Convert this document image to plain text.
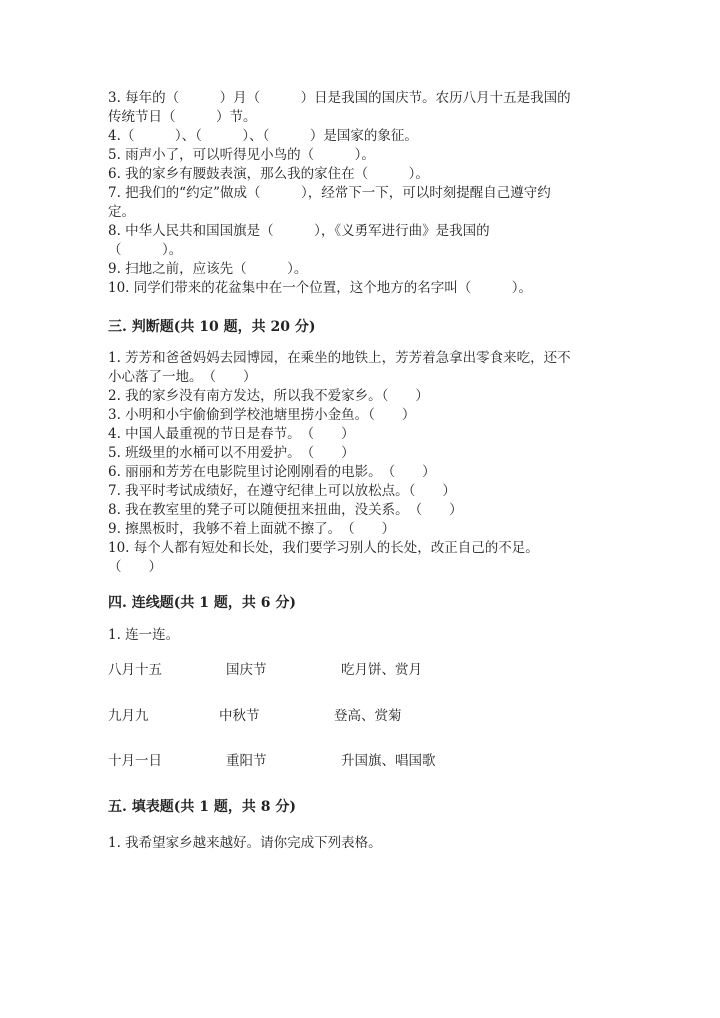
3. 每年的（　　　）月（　　　）日是我国的国庆节。农历八月十五是我国的
传统节日（　　　）节。
4.（　　　）、（　　　）、（　　　）是国家的象征。
5. 雨声小了，可以听得见小鸟的（　　　）。
6. 我的家乡有腰鼓表演，那么我的家住在（　　　）。
7. 把我们的“约定”做成（　　　），经常下一下，可以时刻提醒自己遵守约
定。
8. 中华人民共和国国旗是（　　　），《义勇军进行曲》是我国的
（　　　）。
9. 扫地之前，应该先（　　　）。
10. 同学们带来的花盆集中在一个位置，这个地方的名字叫（　　　）。
三. 判断题(共 10 题，共 20 分)
1. 芳芳和爸爸妈妈去园博园，在乘坐的地铁上，芳芳着急拿出零食来吃，还不
小心落了一地。　（　　）
2. 我的家乡没有南方发达，所以我不爱家乡。（　　）
3. 小明和小宇偷偷到学校池塘里捞小金鱼。（　　）
4. 中国人最重视的节日是春节。　（　　）
5. 班级里的水桶可以不用爱护。　（　　）
6. 丽丽和芳芳在电影院里讨论刚刚看的电影。　（　　）
7. 我平时考试成绩好，在遵守纪律上可以放松点。（　　）
8. 我在教室里的凳子可以随便扭来扭曲，没关系。　（　　）
9. 擦黑板时，我够不着上面就不擦了。　（　　）
10. 每个人都有短处和长处，我们要学习别人的长处，改正自己的不足。
（　　）
四. 连线题(共 1 题，共 6 分)
1. 连一连。
八月十五	国庆节	吃月饼、赏月
九月九	中秋节	登高、赏菊
十月一日	重阳节	升国旗、唱国歌
五. 填表题(共 1 题，共 8 分)
1. 我希望家乡越来越好。请你完成下列表格。
